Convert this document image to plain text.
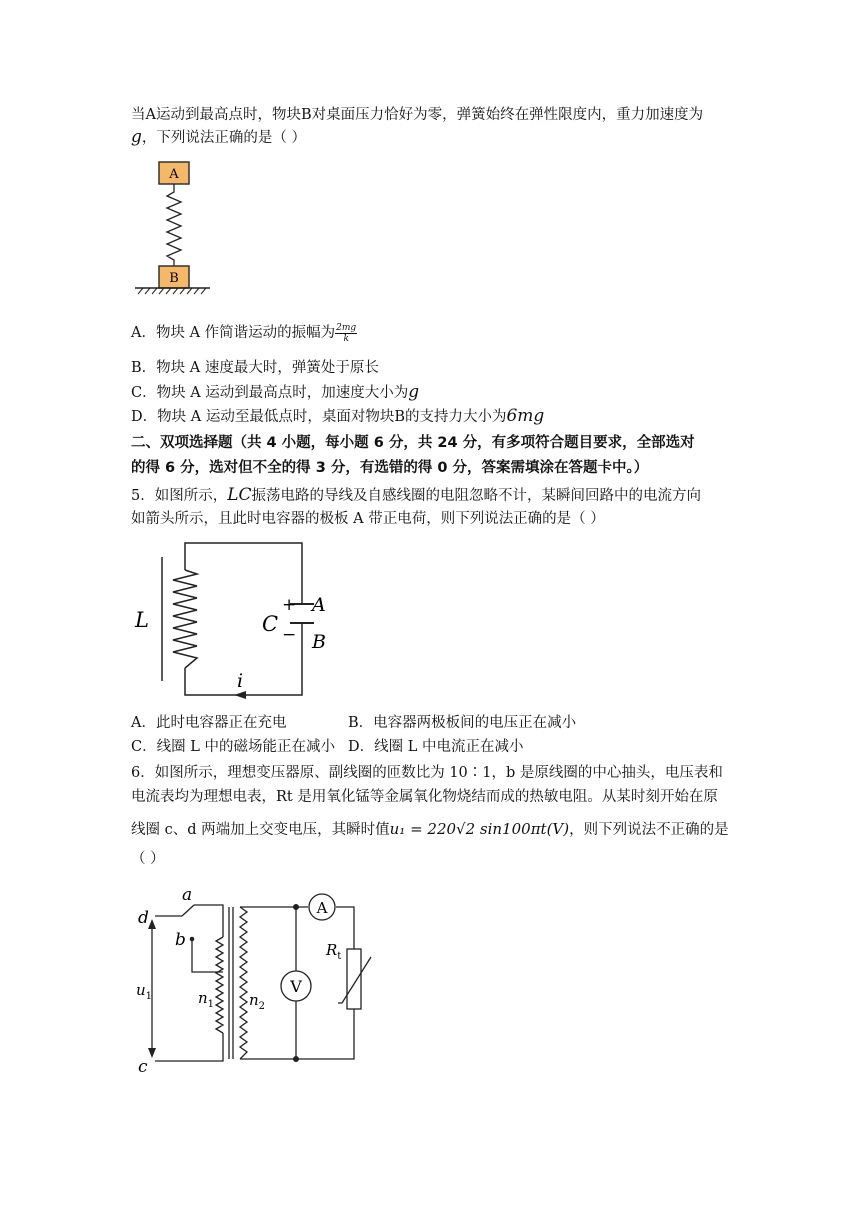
当A运动到最高点时，物块B对桌面压力恰好为零，弹簧始终在弹性限度内，重力加速度为
g，下列说法正确的是（ ）
A
B
A．物块 A 作简谐运动的振幅为 $\frac{2mg}{k}$
B．物块 A 速度最大时，弹簧处于原长
C．物块 A 运动到最高点时，加速度大小为g
D．物块 A 运动至最低点时，桌面对物块B的支持力大小为6mg
二、双项选择题（共 4 小题，每小题 6 分，共 24 分，有多项符合题目要求，全部选对
的得 6 分，选对但不全的得 3 分，有选错的得 0 分，答案需填涂在答题卡中。）
5．如图所示，LC振荡电路的导线及自感线圈的电阻忽略不计，某瞬间回路中的电流方向
如箭头所示，且此时电容器的极板 A 带正电荷，则下列说法正确的是（ ）
L	C
+
−
A
B
i
A．此时电容器正在充电	B．电容器两极板间的电压正在减小
C．线圈 L 中的磁场能正在减小 D．线圈 L 中电流正在减小
6．如图所示，理想变压器原、副线圈的匝数比为 10∶1，b 是原线圈的中心抽头，电压表和
电流表均为理想电表，Rt 是用氧化锰等金属氧化物烧结而成的热敏电阻。从某时刻开始在原
线圈 c、d 两端加上交变电压，其瞬时值u₁ = 220√2 sin100πt(V)，则下列说法不正确的是
（ ）
d
a
b
c
$u_1$	$n_1$ $n_2$
A
V
$R_t$
